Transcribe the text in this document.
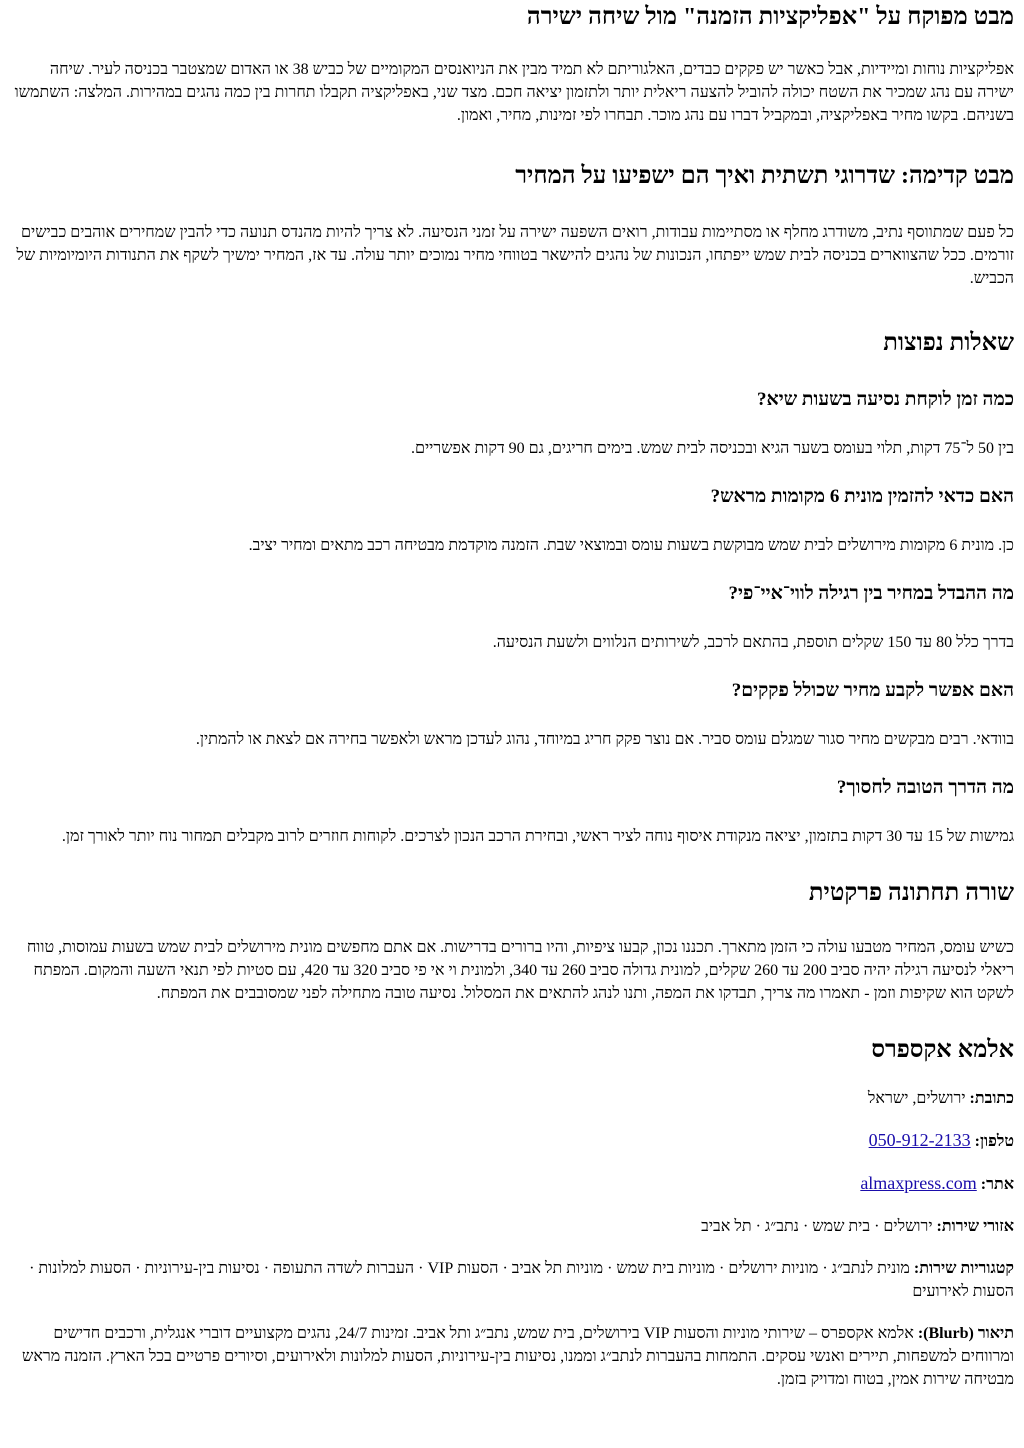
מבט מפוקח על "אפליקציות הזמנה" מול שיחה ישירה

אפליקציות נוחות ומיידיות, אבל כאשר יש פקקים כבדים, האלגוריתם לא תמיד מבין את הניואנסים המקומיים של כביש 38 או האדום שמצטבר בכניסה לעיר. שיחה ישירה עם נהג שמכיר את השטח יכולה להוביל להצעה ריאלית יותר ולתזמון יציאה חכם. מצד שני, באפליקציה תקבלו תחרות בין כמה נהגים במהירות. המלצה: השתמשו בשניהם. בקשו מחיר באפליקציה, ובמקביל דברו עם נהג מוכר. תבחרו לפי זמינות, מחיר, ואמון.

מבט קדימה: שדרוגי תשתית ואיך הם ישפיעו על המחיר

כל פעם שמתווסף נתיב, משודרג מחלף או מסתיימות עבודות, רואים השפעה ישירה על זמני הנסיעה. לא צריך להיות מהנדס תנועה כדי להבין שמחירים אוהבים כבישים זורמים. ככל שהצווארים בכניסה לבית שמש ייפתחו, הנכונות של נהגים להישאר בטווחי מחיר נמוכים יותר עולה. עד אז, המחיר ימשיך לשקף את התנודות היומיומיות של הכביש.

שאלות נפוצות
כמה זמן לוקחת נסיעה בשעות שיא?

בין 50 ל־75 דקות, תלוי בעומס בשער הגיא ובכניסה לבית שמש. בימים חריגים, גם 90 דקות אפשריים.

האם כדאי להזמין מונית 6 מקומות מראש?

כן. מונית 6 מקומות מירושלים לבית שמש מבוקשת בשעות עומס ובמוצאי שבת. הזמנה מוקדמת מבטיחה רכב מתאים ומחיר יציב.

מה ההבדל במחיר בין רגילה לווי־איי־פי?

בדרך כלל 80 עד 150 שקלים תוספת, בהתאם לרכב, לשירותים הנלווים ולשעת הנסיעה.

האם אפשר לקבע מחיר שכולל פקקים?

בוודאי. רבים מבקשים מחיר סגור שמגלם עומס סביר. אם נוצר פקק חריג במיוחד, נהוג לעדכן מראש ולאפשר בחירה אם לצאת או להמתין.

מה הדרך הטובה לחסוך?

גמישות של 15 עד 30 דקות בתזמון, יציאה מנקודת איסוף נוחה לציר ראשי, ובחירת הרכב הנכון לצרכים. לקוחות חוזרים לרוב מקבלים תמחור נוח יותר לאורך זמן.

שורה תחתונה פרקטית

כשיש עומס, המחיר מטבעו עולה כי הזמן מתארך. תכננו נכון, קבעו ציפיות, והיו ברורים בדרישות. אם אתם מחפשים מונית מירושלים לבית שמש בשעות עמוסות, טווח ריאלי לנסיעה רגילה יהיה סביב 200 עד 260 שקלים, למונית גדולה סביב 260 עד 340, ולמונית וי אי פי סביב 320 עד 420, עם סטיות לפי תנאי השעה והמקום. המפתח לשקט הוא שקיפות וזמן - תאמרו מה צריך, תבדקו את המפה, ותנו לנהג להתאים את המסלול. נסיעה טובה מתחילה לפני שמסובבים את המפתח.

אלמא אקספרס
כתובת: ירושלים, ישראל
טלפון: 050-912-2133
אתר: almaxpress.com
אזורי שירות: ירושלים · בית שמש · נתב״ג · תל אביב
קטגוריות שירות: מונית לנתב״ג · מוניות ירושלים · מוניות בית שמש · מוניות תל אביב · הסעות VIP · העברות לשדה התעופה · נסיעות בין-עירוניות · הסעות למלונות · הסעות לאירועים
תיאור (Blurb): אלמא אקספרס – שירותי מוניות והסעות VIP בירושלים, בית שמש, נתב״ג ותל אביב. זמינות 24/7, נהגים מקצועיים דוברי אנגלית, ורכבים חדישים ומרווחים למשפחות, תיירים ואנשי עסקים. התמחות בהעברות לנתב״ג וממנו, נסיעות בין-עירוניות, הסעות למלונות ולאירועים, וסיורים פרטיים בכל הארץ. הזמנה מראש מבטיחה שירות אמין, בטוח ומדויק בזמן.
